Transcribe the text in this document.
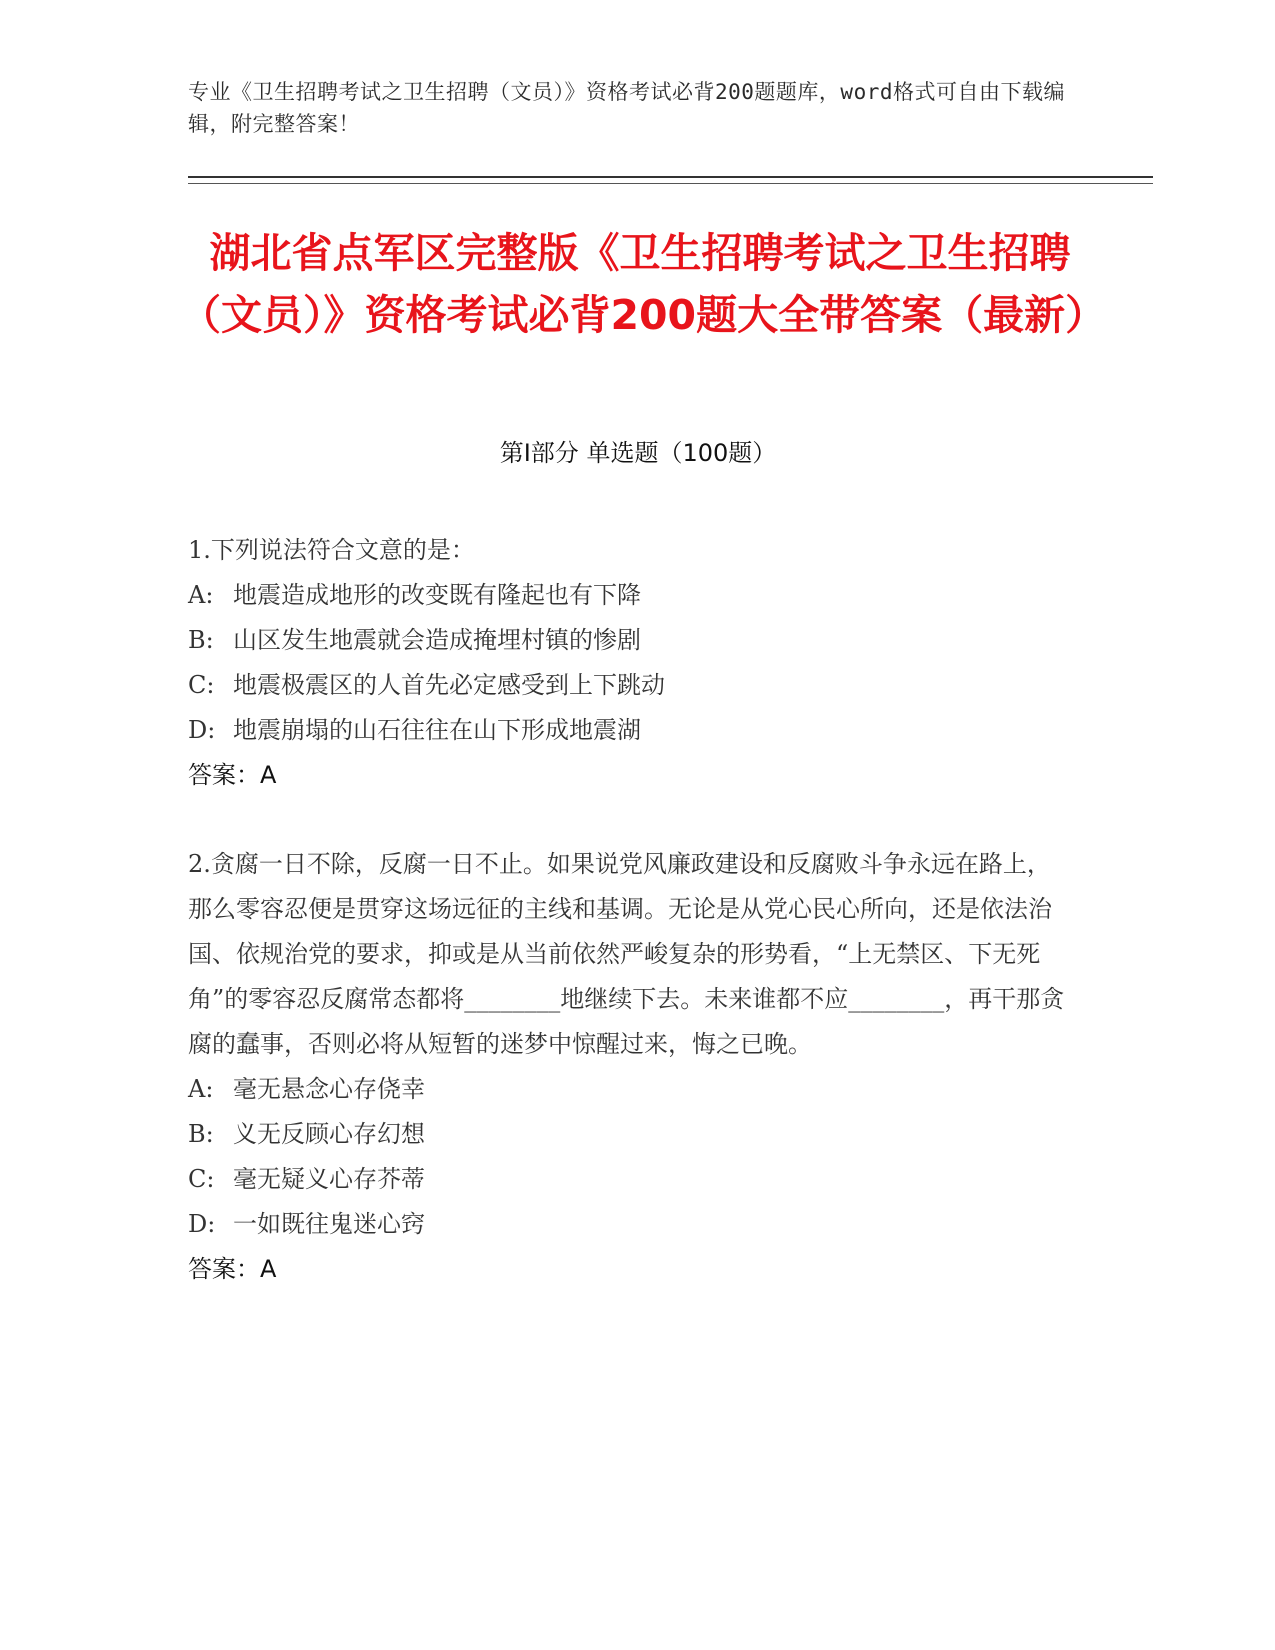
专业《卫生招聘考试之卫生招聘（文员）》资格考试必背200题题库，word格式可自由下载编辑，附完整答案！
湖北省点军区完整版《卫生招聘考试之卫生招聘（文员）》资格考试必背200题大全带答案（最新）
第I部分 单选题（100题）

1.下列说法符合文意的是：

A: 地震造成地形的改变既有隆起也有下降

B: 山区发生地震就会造成掩埋村镇的惨剧

C: 地震极震区的人首先必定感受到上下跳动

D: 地震崩塌的山石往往在山下形成地震湖

答案：A

2.贪腐一日不除，反腐一日不止。如果说党风廉政建设和反腐败斗争永远在路上，那么零容忍便是贯穿这场远征的主线和基调。无论是从党心民心所向，还是依法治国、依规治党的要求，抑或是从当前依然严峻复杂的形势看，“上无禁区、下无死角”的零容忍反腐常态都将________地继续下去。未来谁都不应________，再干那贪腐的蠢事，否则必将从短暂的迷梦中惊醒过来，悔之已晚。

A: 毫无悬念心存侥幸

B: 义无反顾心存幻想

C: 毫无疑义心存芥蒂

D: 一如既往鬼迷心窍

答案：A
